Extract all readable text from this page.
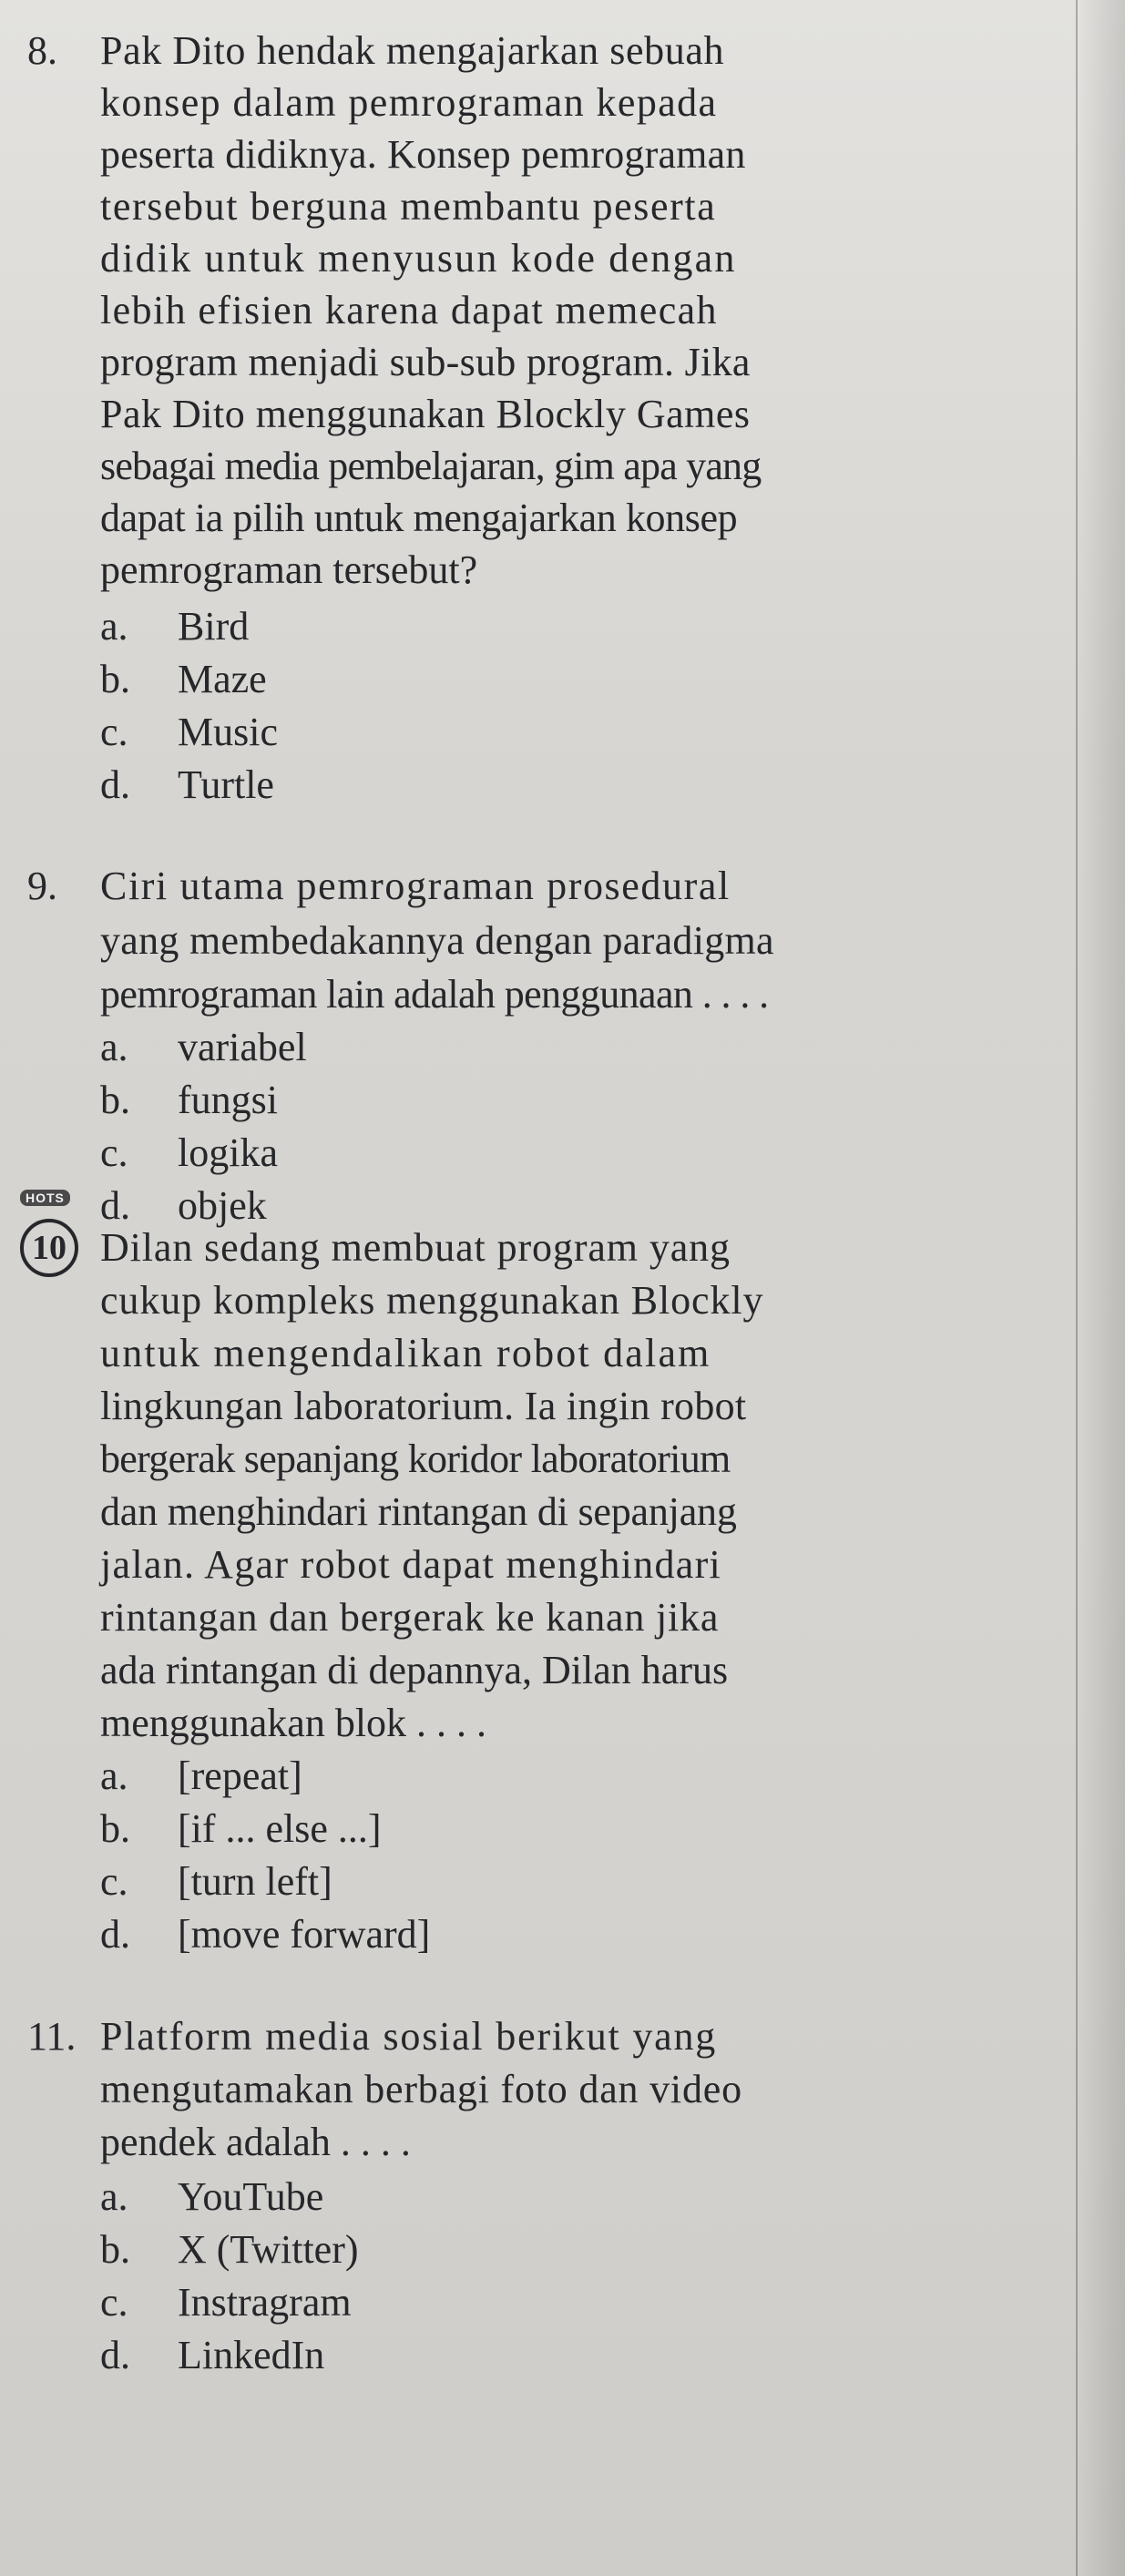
8. Pak Dito hendak mengajarkan sebuah

konsep dalam pemrograman kepada

peserta didiknya. Konsep pemrograman

tersebut berguna membantu peserta

didik untuk menyusun kode dengan

lebih efisien karena dapat memecah

program menjadi sub-sub program. Jika

Pak Dito menggunakan Blockly Games

sebagai media pembelajaran, gim apa yang

dapat ia pilih untuk mengajarkan konsep

pemrograman tersebut?

a. Bird
b. Maze
c. Music
d. Turtle
9. Ciri utama pemrograman prosedural

yang membedakannya dengan paradigma

pemrograman lain adalah penggunaan . . . .

a. variabel
b. fungsi
c. logika
d. objek
HOTS
10 Dilan sedang membuat program yang

cukup kompleks menggunakan Blockly

untuk mengendalikan robot dalam

lingkungan laboratorium. Ia ingin robot

bergerak sepanjang koridor laboratorium

dan menghindari rintangan di sepanjang

jalan. Agar robot dapat menghindari

rintangan dan bergerak ke kanan jika

ada rintangan di depannya, Dilan harus

menggunakan blok . . . .

a. [repeat]
b. [if ... else ...]
c. [turn left]
d. [move forward]
11. Platform media sosial berikut yang

mengutamakan berbagi foto dan video

pendek adalah . . . .

a. YouTube
b. X (Twitter)
c. Instragram
d. LinkedIn
